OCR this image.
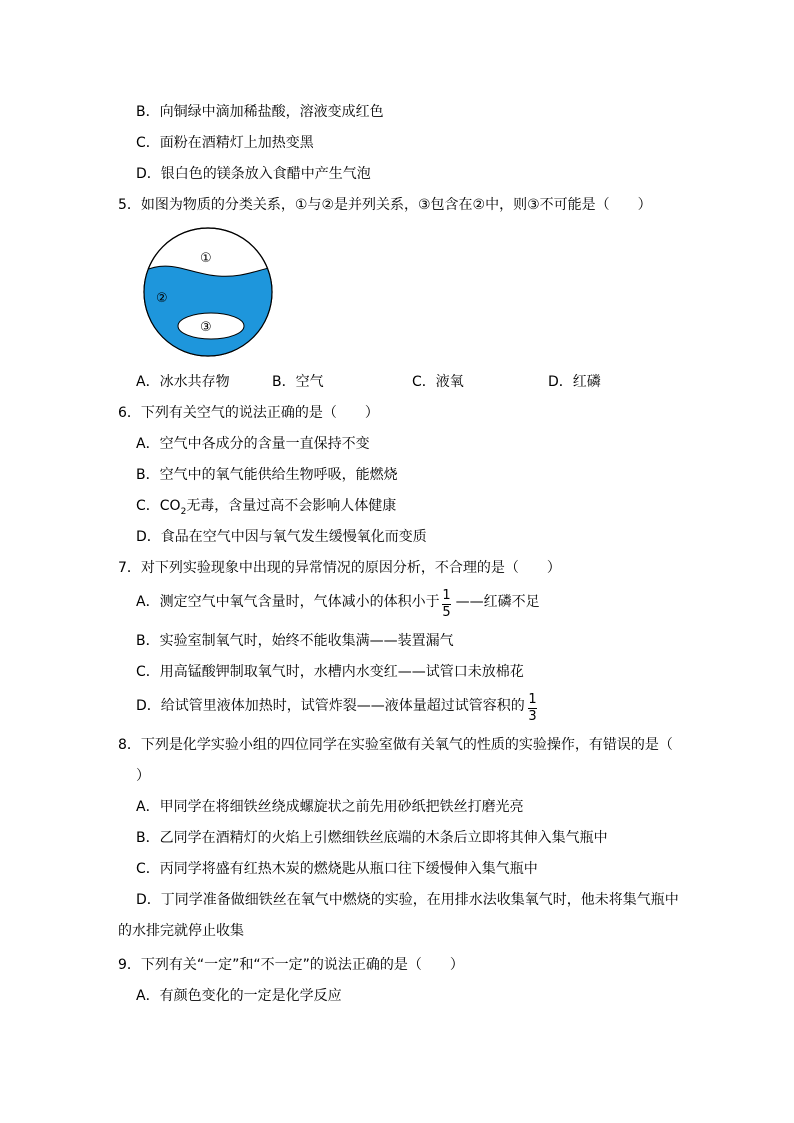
B．向铜绿中滴加稀盐酸，溶液变成红色
C．面粉在酒精灯上加热变黑
D．银白色的镁条放入食醋中产生气泡
5．如图为物质的分类关系，①与②是并列关系，③包含在②中，则③不可能是（　　）
①
②
③
A．冰水共存物	B．空气	C．液氧	D．红磷
6．下列有关空气的说法正确的是（　　）
A．空气中各成分的含量一直保持不变
B．空气中的氧气能供给生物呼吸，能燃烧
C．$CO_2$无毒，含量过高不会影响人体健康
D．食品在空气中因与氧气发生缓慢氧化而变质
7．对下列实验现象中出现的异常情况的原因分析，不合理的是（　　）
A．测定空气中氧气含量时，气体减小的体积小于 ——红磷不足
1
5
B．实验室制氧气时，始终不能收集满——装置漏气
C．用高锰酸钾制取氧气时，水槽内水变红——试管口未放棉花
D．给试管里液体加热时，试管炸裂——液体量超过试管容积的 1
3
8．下列是化学实验小组的四位同学在实验室做有关氧气的性质的实验操作，有错误的是（
）
A．甲同学在将细铁丝绕成螺旋状之前先用砂纸把铁丝打磨光亮
B．乙同学在酒精灯的火焰上引燃细铁丝底端的木条后立即将其伸入集气瓶中
C．丙同学将盛有红热木炭的燃烧匙从瓶口往下缓慢伸入集气瓶中
D．丁同学准备做细铁丝在氧气中燃烧的实验，在用排水法收集氧气时，他未将集气瓶中
的水排完就停止收集
9．下列有关“一定”和“不一定”的说法正确的是（　　）
A．有颜色变化的一定是化学反应
